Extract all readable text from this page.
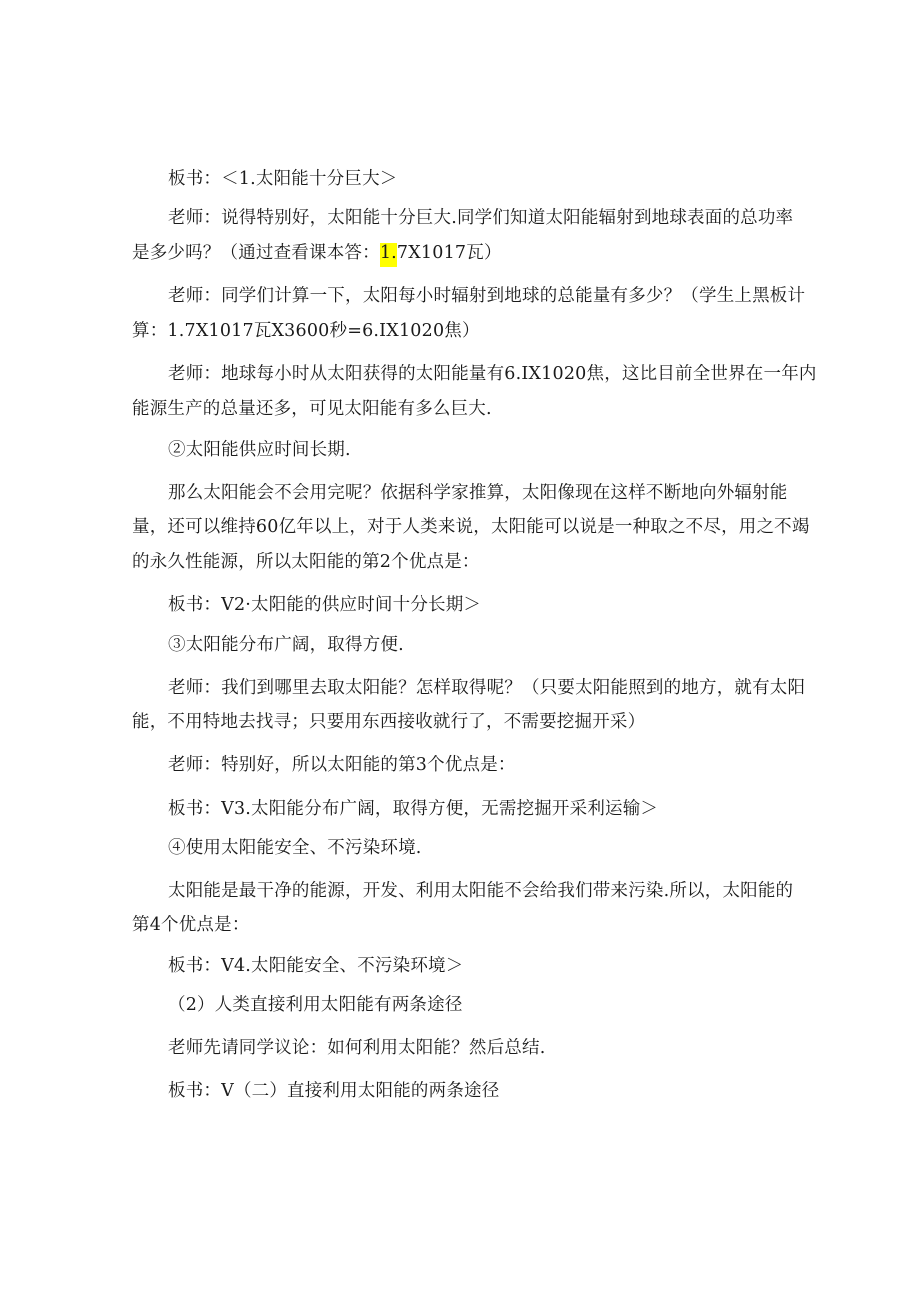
板书：＜1.太阳能十分巨大＞
老师：说得特别好，太阳能十分巨大.同学们知道太阳能辐射到地球表面的总功率
是多少吗？（通过查看课本答：1.7X1017瓦）
老师：同学们计算一下，太阳每小时辐射到地球的总能量有多少？（学生上黑板计
算：1.7X1017瓦X3600秒=6.IX1020焦）
老师：地球每小时从太阳获得的太阳能量有6.IX1020焦，这比目前全世界在一年内
能源生产的总量还多，可见太阳能有多么巨大.
②太阳能供应时间长期.
那么太阳能会不会用完呢？依据科学家推算，太阳像现在这样不断地向外辐射能
量，还可以维持60亿年以上，对于人类来说，太阳能可以说是一种取之不尽，用之不竭
的永久性能源，所以太阳能的第2个优点是：
板书：V2·太阳能的供应时间十分长期＞
③太阳能分布广阔，取得方便.
老师：我们到哪里去取太阳能？怎样取得呢？（只要太阳能照到的地方，就有太阳
能，不用特地去找寻；只要用东西接收就行了，不需要挖掘开采）
老师：特别好，所以太阳能的第3个优点是：
板书：V3.太阳能分布广阔，取得方便，无需挖掘开采利运输＞
④使用太阳能安全、不污染环境.
太阳能是最干净的能源，开发、利用太阳能不会给我们带来污染.所以，太阳能的
第4个优点是：
板书：V4.太阳能安全、不污染环境＞
（2）人类直接利用太阳能有两条途径
老师先请同学议论：如何利用太阳能？然后总结.
板书：V（二）直接利用太阳能的两条途径
